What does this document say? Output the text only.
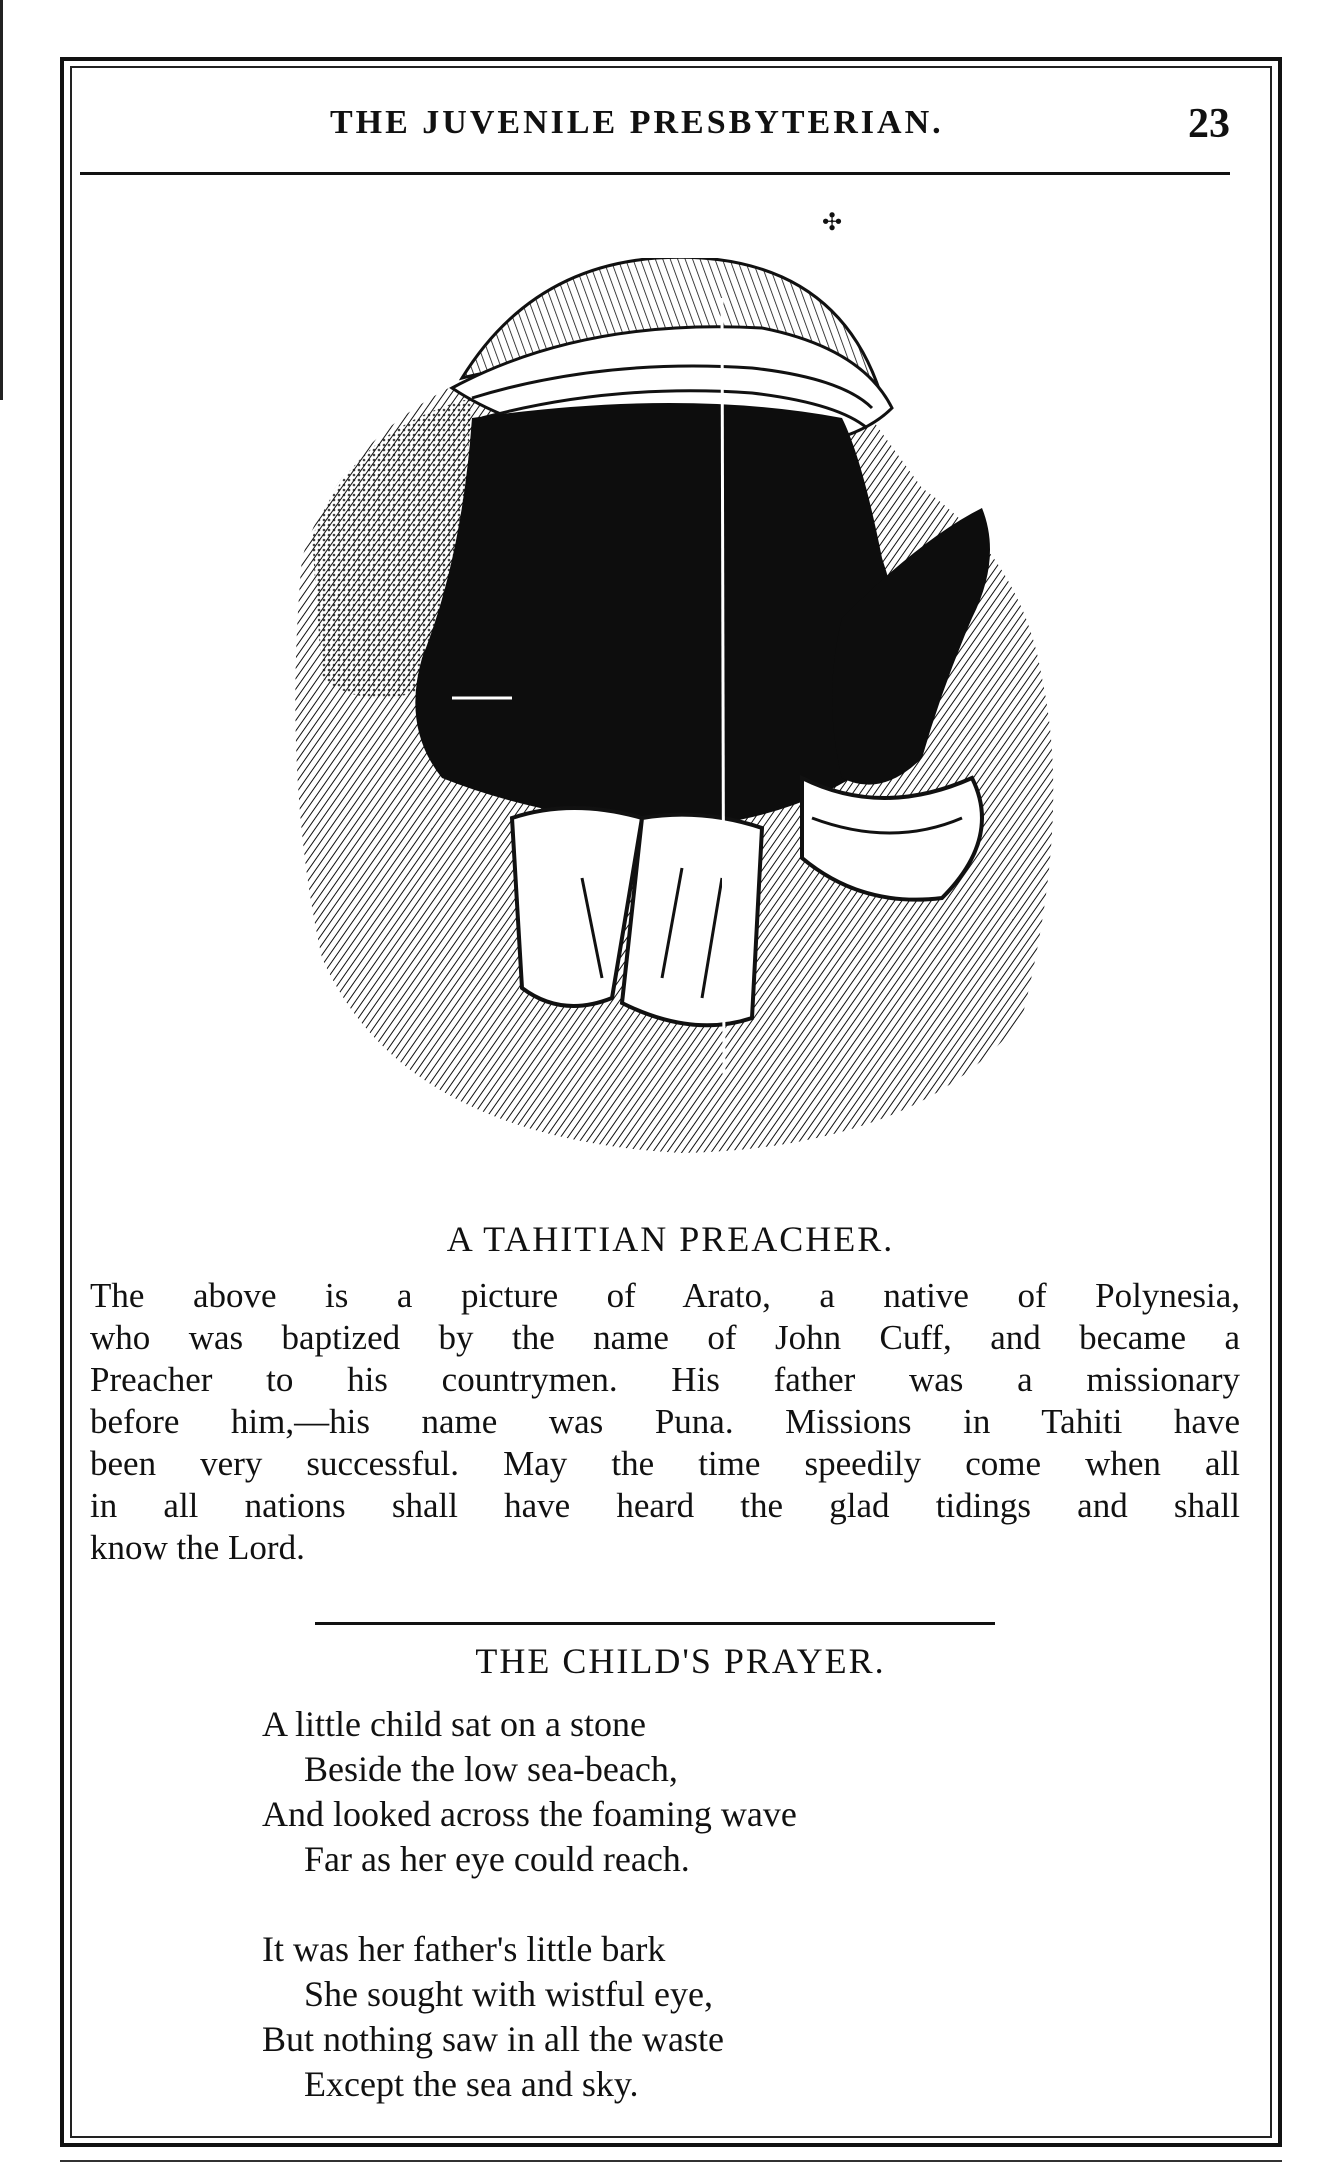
THE JUVENILE PRESBYTERIAN.	23
✣
A TAHITIAN PREACHER.
The above is a picture of Arato, a native of Polynesia,
who was baptized by the name of John Cuff, and became a
Preacher to his countrymen. His father was a missionary
before him,—his name was Puna. Missions in Tahiti have
been very successful. May the time speedily come when all
in all nations shall have heard the glad tidings and shall
know the Lord.
THE CHILD'S PRAYER.
A little child sat on a stone
Beside the low sea-beach,
And looked across the foaming wave
Far as her eye could reach.
It was her father's little bark
She sought with wistful eye,
But nothing saw in all the waste
Except the sea and sky.
